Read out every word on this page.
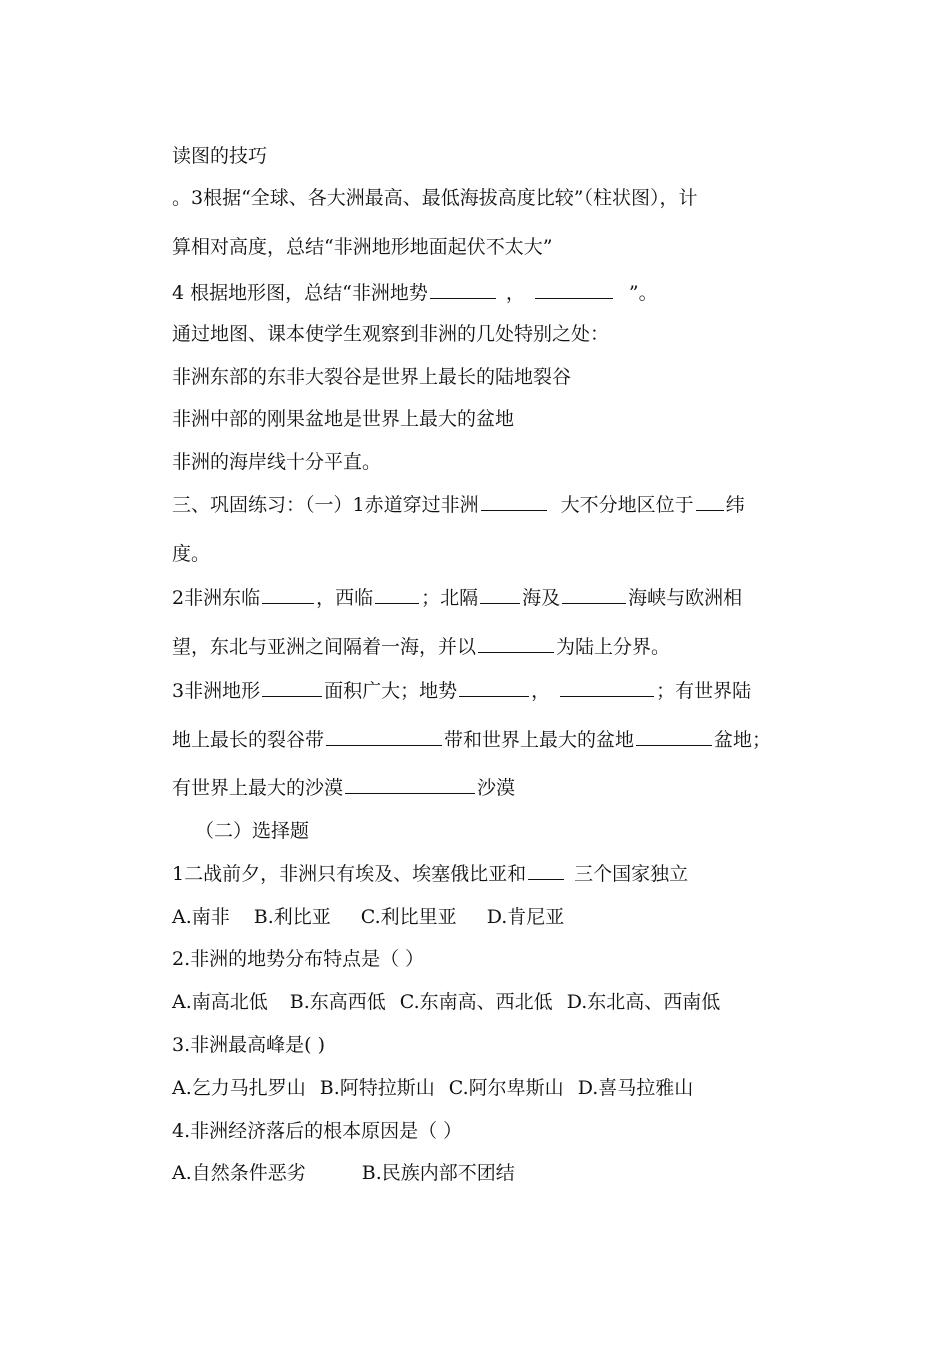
读图的技巧
。3根据“全球、各大洲最高、最低海拔高度比较”（柱状图），计
算相对高度，总结“非洲地形地面起伏不太大”
4 根据地形图，总结“非洲地势	，	”。
通过地图、课本使学生观察到非洲的几处特别之处：
非洲东部的东非大裂谷是世界上最长的陆地裂谷
非洲中部的刚果盆地是世界上最大的盆地
非洲的海岸线十分平直。
三、巩固练习：（一）1赤道穿过非洲	大不分地区位于 纬
度。
2非洲东临	，西临	；北隔 海及	海峡与欧洲相
望，东北与亚洲之间隔着一海，并以	为陆上分界。
3非洲地形	面积广大；地势	，	；有世界陆
地上最长的裂谷带	带和世界上最大的盆地	盆地；
有世界上最大的沙漠	沙漠
（二）选择题
1二战前夕，非洲只有埃及、埃塞俄比亚和	三个国家独立
A.南非 B.利比亚 C.利比里亚 D.肯尼亚
2.非洲的地势分布特点是（ ）
A.南高北低 B.东高西低 C.东南高、西北低 D.东北高、西南低
3.非洲最高峰是( )
A.乞力马扎罗山 B.阿特拉斯山 C.阿尔卑斯山 D.喜马拉雅山
4.非洲经济落后的根本原因是（ ）
A.自然条件恶劣	B.民族内部不团结
